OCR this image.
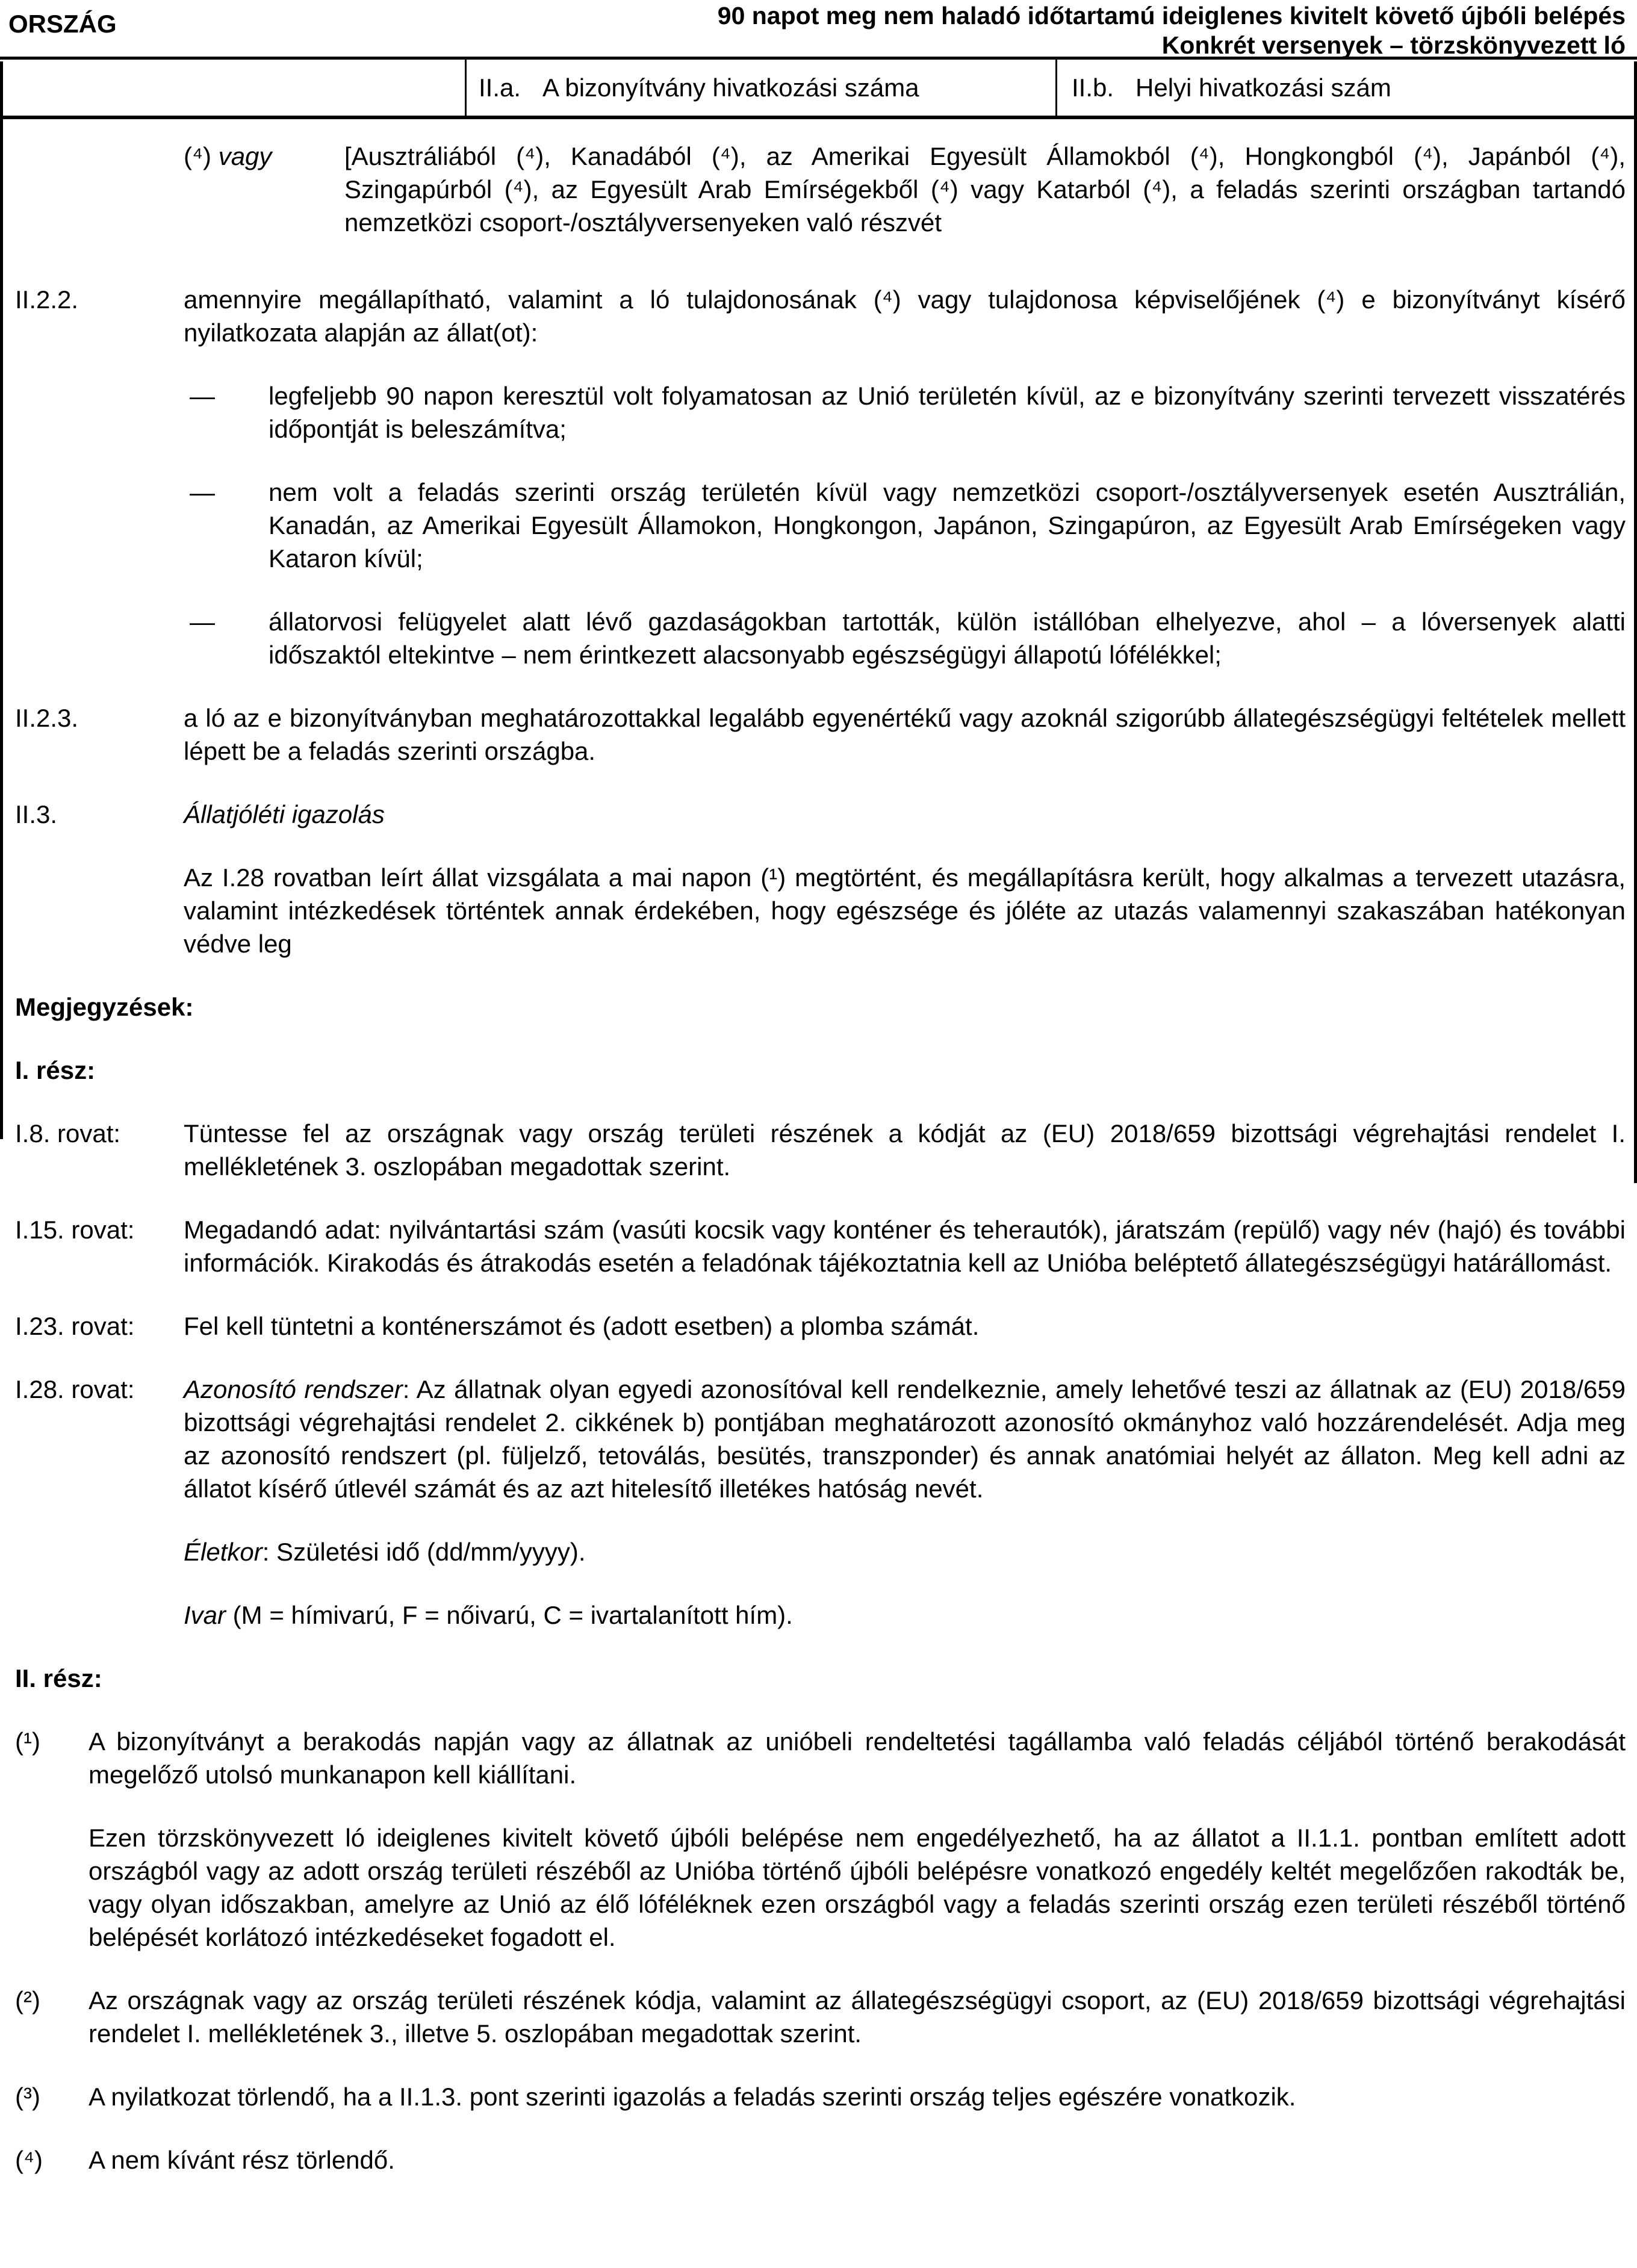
ORSZÁG	90 napot meg nem haladó időtartamú ideiglenes kivitelt követő újbóli belépés
Konkrét versenyek – törzskönyvezett ló
II.a. A bizonyítvány hivatkozási száma	II.b. Helyi hivatkozási szám
(⁴) vagy	[Ausztráliából (⁴), Kanadából (⁴), az Amerikai Egyesült Államokból (⁴), Hongkongból (⁴), Japánból (⁴), Szingapúrból (⁴), az Egyesült Arab Emírségekből (⁴) vagy Katarból (⁴), a feladás szerinti országban tartandó nemzetközi csoport-/osztályversenyeken való részvét
II.2.2.	amennyire megállapítható, valamint a ló tulajdonosának (⁴) vagy tulajdonosa képviselőjének (⁴) e bizonyítványt kísérő nyilatkozata alapján az állat(ot):
—	legfeljebb 90 napon keresztül volt folyamatosan az Unió területén kívül, az e bizonyítvány szerinti tervezett visszatérés időpontját is beleszámítva;
—	nem volt a feladás szerinti ország területén kívül vagy nemzetközi csoport-/osztályversenyek esetén Ausztrálián, Kanadán, az Amerikai Egyesült Államokon, Hongkongon, Japánon, Szingapúron, az Egyesült Arab Emírségeken vagy Kataron kívül;
—	állatorvosi felügyelet alatt lévő gazdaságokban tartották, külön istállóban elhelyezve, ahol – a lóversenyek alatti időszaktól eltekintve – nem érintkezett alacsonyabb egészségügyi állapotú lófélékkel;
II.2.3.	a ló az e bizonyítványban meghatározottakkal legalább egyenértékű vagy azoknál szigorúbb állategészségügyi feltételek mellett lépett be a feladás szerinti országba.
II.3.	Állatjóléti igazolás
Az I.28 rovatban leírt állat vizsgálata a mai napon (¹) megtörtént, és megállapításra került, hogy alkalmas a tervezett utazásra, valamint intézkedések történtek annak érdekében, hogy egészsége és jóléte az utazás valamennyi szakaszában hatékonyan védve leg
Megjegyzések:
I. rész:
I.8. rovat:	Tüntesse fel az országnak vagy ország területi részének a kódját az (EU) 2018/659 bizottsági végrehajtási rendelet I. mellékletének 3. oszlopában megadottak szerint.
I.15. rovat:	Megadandó adat: nyilvántartási szám (vasúti kocsik vagy konténer és teherautók), járatszám (repülő) vagy név (hajó) és további információk. Kirakodás és átrakodás esetén a feladónak tájékoztatnia kell az Unióba beléptető állategészségügyi határállomást.
I.23. rovat:	Fel kell tüntetni a konténerszámot és (adott esetben) a plomba számát.
I.28. rovat:	Azonosító rendszer: Az állatnak olyan egyedi azonosítóval kell rendelkeznie, amely lehetővé teszi az állatnak az (EU) 2018/659 bizottsági végrehajtási rendelet 2. cikkének b) pontjában meghatározott azonosító okmányhoz való hozzárendelését. Adja meg az azonosító rendszert (pl. füljelző, tetoválás, besütés, transzponder) és annak anatómiai helyét az állaton. Meg kell adni az állatot kísérő útlevél számát és az azt hitelesítő illetékes hatóság nevét.
Életkor: Születési idő (dd/mm/yyyy).
Ivar (M = hímivarú, F = nőivarú, C = ivartalanított hím).
II. rész:
(¹)	A bizonyítványt a berakodás napján vagy az állatnak az unióbeli rendeltetési tagállamba való feladás céljából történő berakodását megelőző utolsó munkanapon kell kiállítani.
Ezen törzskönyvezett ló ideiglenes kivitelt követő újbóli belépése nem engedélyezhető, ha az állatot a II.1.1. pontban említett adott országból vagy az adott ország területi részéből az Unióba történő újbóli belépésre vonatkozó engedély keltét megelőzően rakodták be, vagy olyan időszakban, amelyre az Unió az élő lóféléknek ezen országból vagy a feladás szerinti ország ezen területi részéből történő belépését korlátozó intézkedéseket fogadott el.
(²)	Az országnak vagy az ország területi részének kódja, valamint az állategészségügyi csoport, az (EU) 2018/659 bizottsági végrehajtási rendelet I. mellékletének 3., illetve 5. oszlopában megadottak szerint.
(³)	A nyilatkozat törlendő, ha a II.1.3. pont szerinti igazolás a feladás szerinti ország teljes egészére vonatkozik.
(⁴)	A nem kívánt rész törlendő.
